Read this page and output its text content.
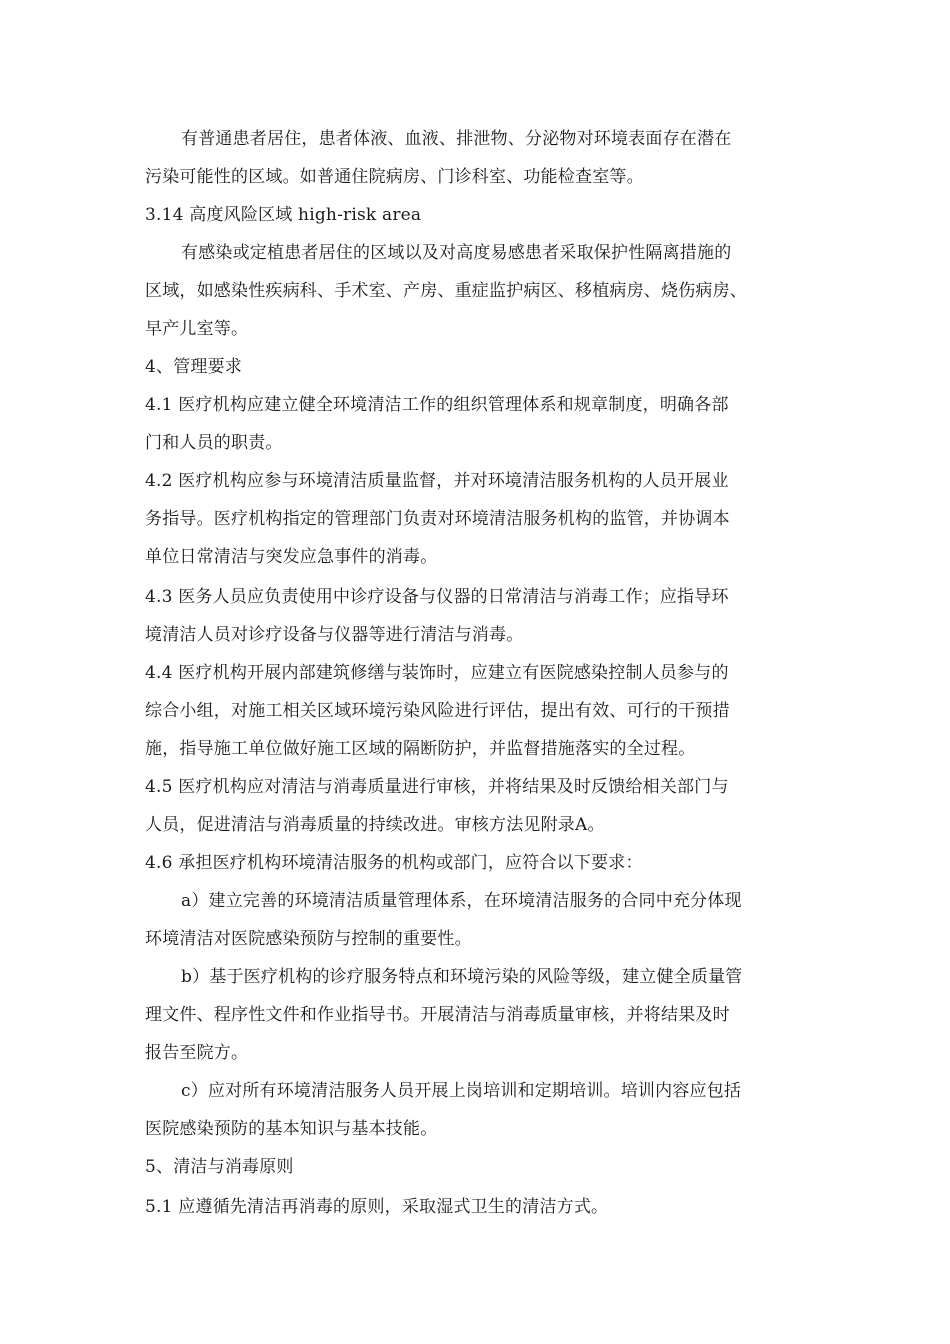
有普通患者居住，患者体液、血液、排泄物、分泌物对环境表面存在潜在
污染可能性的区域。如普通住院病房、门诊科室、功能检查室等。
3.14 高度风险区域 high-risk area
有感染或定植患者居住的区域以及对高度易感患者采取保护性隔离措施的
区域，如感染性疾病科、手术室、产房、重症监护病区、移植病房、烧伤病房、
早产儿室等。
4、管理要求
4.1 医疗机构应建立健全环境清洁工作的组织管理体系和规章制度，明确各部
门和人员的职责。
4.2 医疗机构应参与环境清洁质量监督，并对环境清洁服务机构的人员开展业
务指导。医疗机构指定的管理部门负责对环境清洁服务机构的监管，并协调本
单位日常清洁与突发应急事件的消毒。
4.3 医务人员应负责使用中诊疗设备与仪器的日常清洁与消毒工作；应指导环
境清洁人员对诊疗设备与仪器等进行清洁与消毒。
4.4 医疗机构开展内部建筑修缮与装饰时，应建立有医院感染控制人员参与的
综合小组，对施工相关区域环境污染风险进行评估，提出有效、可行的干预措
施，指导施工单位做好施工区域的隔断防护，并监督措施落实的全过程。
4.5 医疗机构应对清洁与消毒质量进行审核，并将结果及时反馈给相关部门与
人员，促进清洁与消毒质量的持续改进。审核方法见附录A。
4.6 承担医疗机构环境清洁服务的机构或部门，应符合以下要求：
a）建立完善的环境清洁质量管理体系，在环境清洁服务的合同中充分体现
环境清洁对医院感染预防与控制的重要性。
b）基于医疗机构的诊疗服务特点和环境污染的风险等级，建立健全质量管
理文件、程序性文件和作业指导书。开展清洁与消毒质量审核，并将结果及时
报告至院方。
c）应对所有环境清洁服务人员开展上岗培训和定期培训。培训内容应包括
医院感染预防的基本知识与基本技能。
5、清洁与消毒原则
5.1 应遵循先清洁再消毒的原则，采取湿式卫生的清洁方式。
